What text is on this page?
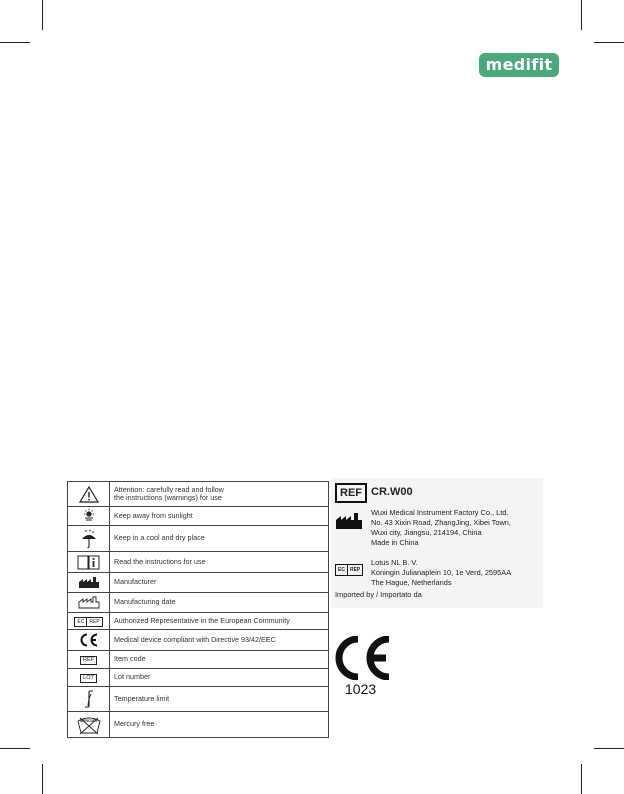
medifit
	Attention: carefully read and follow
the instructions (warnings) for use

	Keep away from sunlight

	Keep in a cool and dry place

	Read the instructions for use

	Manufacturer

	Manufacturing date

EC REP	Authorized Representative in the European Community

	Medical device compliant with Directive 93/42/EEC
REF	Item code
LOT	Lot number

	Temperature limit

MERCURY	Mercury free
REF CR.W00
Wuxi Medical Instrument Factory Co., Ltd.
No. 43 Xixin Road, ZhangJing, Xibei Town,
Wuxi city, Jiangsu, 214194, China
Made in China
EC	REP
Lotus NL B. V.
Koningin Julianaplein 10, 1e Verd, 2595AA
The Hague, Netherlands
Imported by / Importato da
1023
